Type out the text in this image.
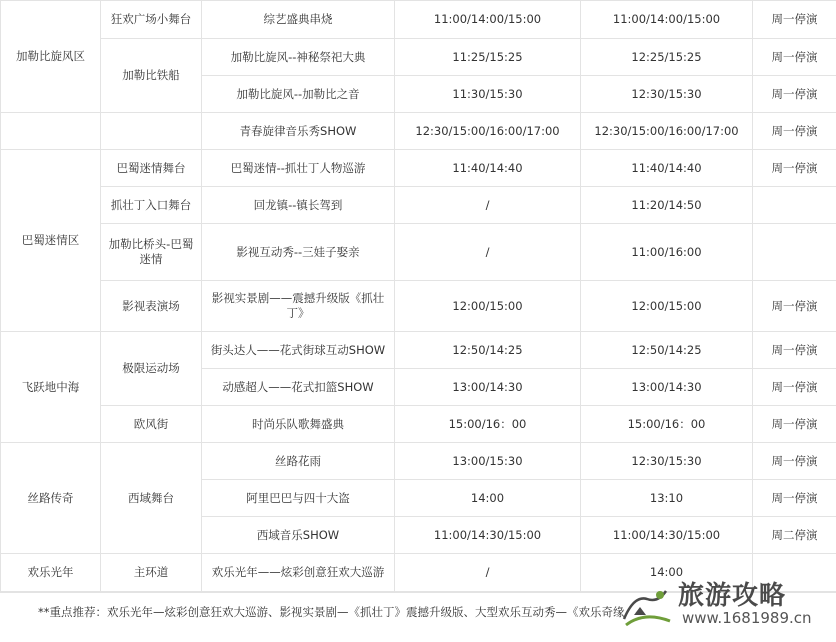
加勒比旋风区	狂欢广场小舞台	综艺盛典串烧	11:00/14:00/15:00	11:00/14:00/15:00	周一停演
	加勒比铁船	加勒比旋风--神秘祭祀大典	11:25/15:25	12:25/15:25	周一停演
		加勒比旋风--加勒比之音	11:30/15:30	12:30/15:30	周一停演
		青春旋律音乐秀SHOW	12:30/15:00/16:00/17:00	12:30/15:00/16:00/17:00	周一停演
巴蜀迷情区	巴蜀迷情舞台	巴蜀迷情--抓壮丁人物巡游	11:40/14:40	11:40/14:40	周一停演
	抓壮丁入口舞台	回龙镇--镇长驾到	/	11:20/14:50	
	加勒比桥头-巴蜀迷情	影视互动秀--三娃子娶亲	/	11:00/16:00	
	影视表演场	影视实景剧——震撼升级版《抓壮丁》	12:00/15:00	12:00/15:00	周一停演
飞跃地中海	极限运动场	街头达人——花式街球互动SHOW	12:50/14:25	12:50/14:25	周一停演
		动感超人——花式扣篮SHOW	13:00/14:30	13:00/14:30	周一停演
	欧风街	时尚乐队歌舞盛典	15:00/16：00	15:00/16：00	周一停演
丝路传奇	西域舞台	丝路花雨	13:00/15:30	12:30/15:30	周一停演
		阿里巴巴与四十大盗	14:00	13:10	周一停演
		西域音乐SHOW	11:00/14:30/15:00	11:00/14:30/15:00	周二停演
欢乐光年	主环道	欢乐光年——炫彩创意狂欢大巡游	/	14:00	
**重点推荐：欢乐光年—炫彩创意狂欢大巡游、影视实景剧—《抓壮丁》震撼升级版、大型欢乐互动秀—《欢乐奇缘
旅游攻略
www.1681989.cn
